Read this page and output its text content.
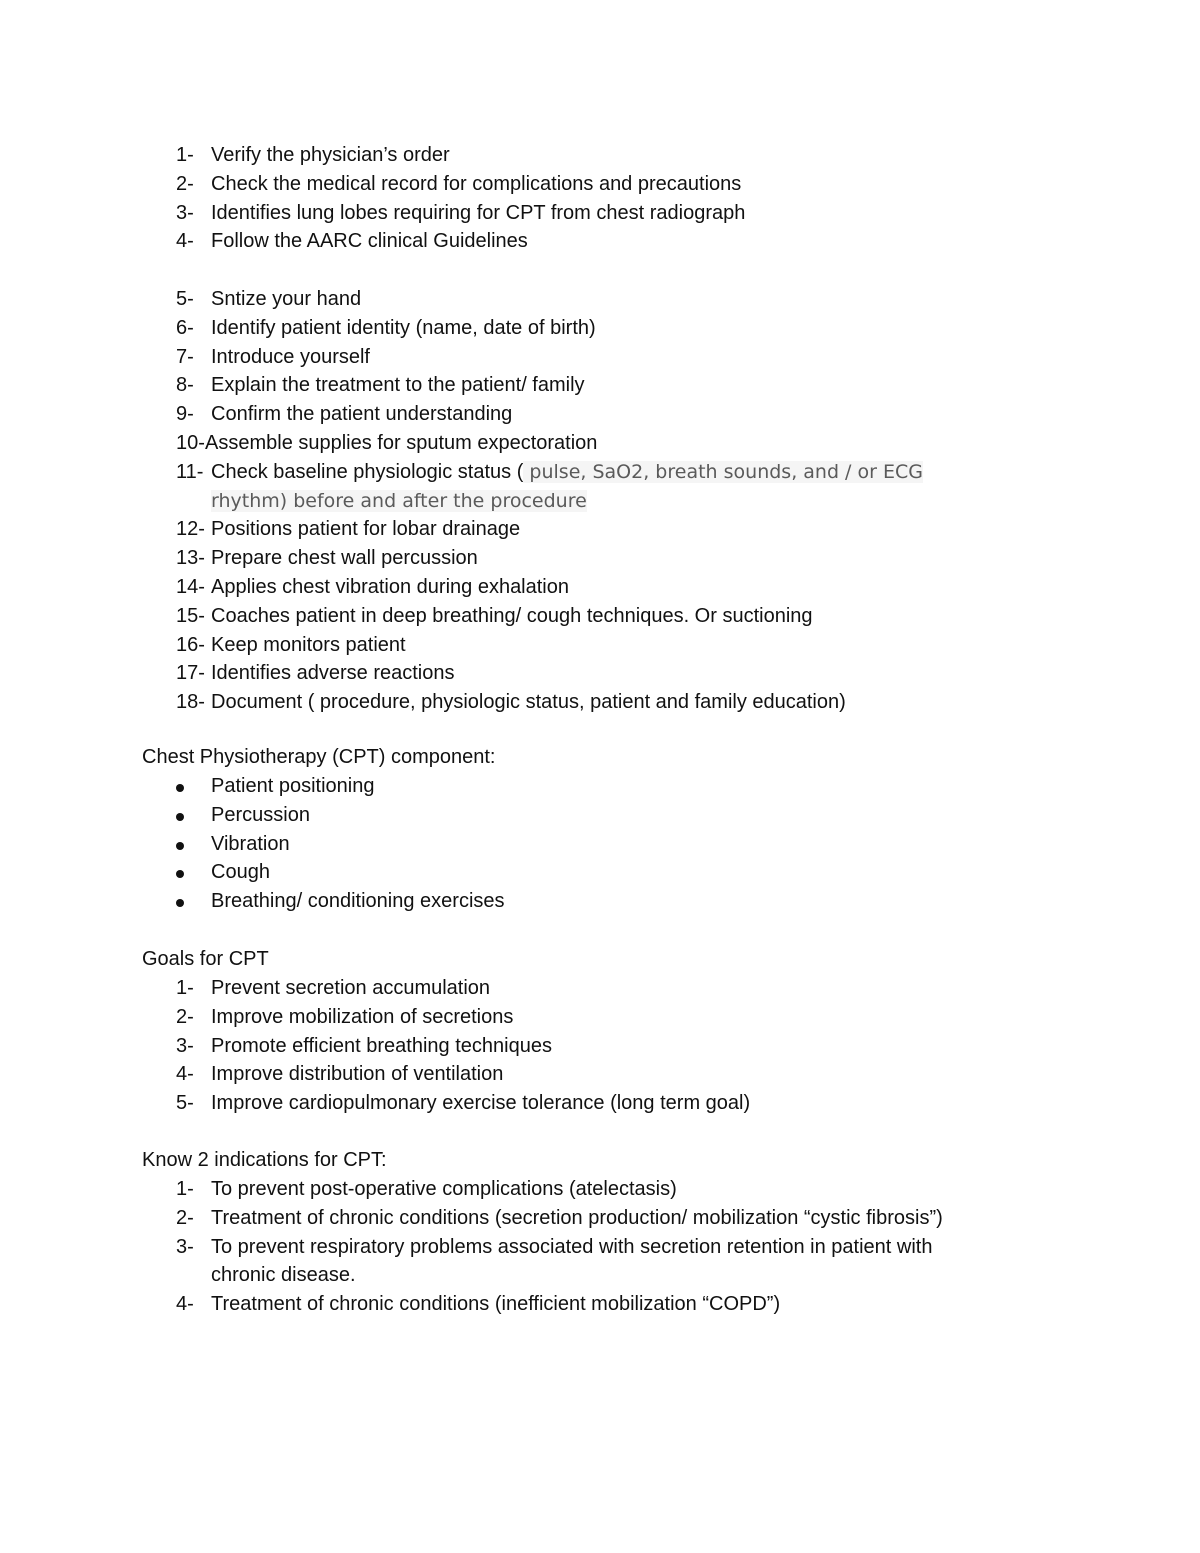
1- Verify the physician’s order
2- Check the medical record for complications and precautions
3- Identifies lung lobes requiring for CPT from chest radiograph
4- Follow the AARC clinical Guidelines
5- Sntize your hand
6- Identify patient identity (name, date of birth)
7- Introduce yourself
8- Explain the treatment to the patient/ family
9- Confirm the patient understanding
10- Assemble supplies for sputum expectoration
11- Check baseline physiologic status ( pulse, SaO2, breath sounds, and / or ECG
rhythm) before and after the procedure
12- Positions patient for lobar drainage
13- Prepare chest wall percussion
14- Applies chest vibration during exhalation
15- Coaches patient in deep breathing/ cough techniques. Or suctioning
16- Keep monitors patient
17- Identifies adverse reactions
18- Document ( procedure, physiologic status, patient and family education)
Chest Physiotherapy (CPT) component:
Patient positioning
Percussion
Vibration
Cough
Breathing/ conditioning exercises
Goals for CPT
1- Prevent secretion accumulation
2- Improve mobilization of secretions
3- Promote efficient breathing techniques
4- Improve distribution of ventilation
5- Improve cardiopulmonary exercise tolerance (long term goal)
Know 2 indications for CPT:
1- To prevent post-operative complications (atelectasis)
2- Treatment of chronic conditions (secretion production/ mobilization “cystic fibrosis”)
3- To prevent respiratory problems associated with secretion retention in patient with
chronic disease.
4- Treatment of chronic conditions (inefficient mobilization “COPD”)
